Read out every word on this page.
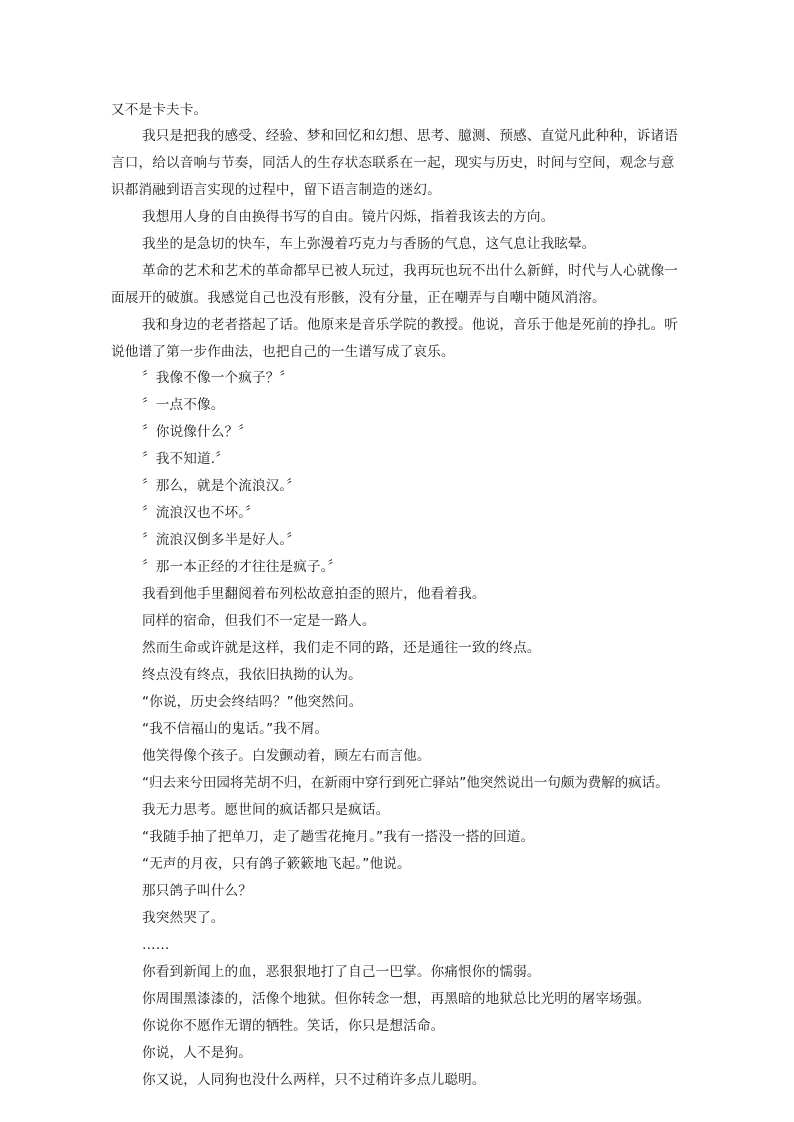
又不是卡夫卡。
我只是把我的感受、经验、梦和回忆和幻想、思考、臆测、预感、直觉凡此种种，诉诸语
言口，给以音响与节奏，同活人的生存状态联系在一起，现实与历史，时间与空间，观念与意
识都消融到语言实现的过程中，留下语言制造的迷幻。
我想用人身的自由换得书写的自由。镜片闪烁，指着我该去的方向。
我坐的是急切的快车，车上弥漫着巧克力与香肠的气息，这气息让我眩晕。
革命的艺术和艺术的革命都早已被人玩过，我再玩也玩不出什么新鲜，时代与人心就像一
面展开的破旗。我感觉自己也没有形骸，没有分量，正在嘲弄与自嘲中随风消溶。
我和身边的老者搭起了话。他原来是音乐学院的教授。他说，音乐于他是死前的挣扎。听
说他谱了第一步作曲法，也把自己的一生谱写成了哀乐。
〞我像不像一个疯子？〞
〞一点不像。
〞你说像什么？〞
〞我不知道.〞
〞那么，就是个流浪汉。〞
〞流浪汉也不坏。〞
〞流浪汉倒多半是好人。〞
〞那一本正经的才往往是疯子。〞
我看到他手里翻阅着布列松故意拍歪的照片，他看着我。
同样的宿命，但我们不一定是一路人。
然而生命或许就是这样，我们走不同的路，还是通往一致的终点。
终点没有终点，我依旧执拗的认为。
“你说，历史会终结吗？”他突然问。
“我不信福山的鬼话。”我不屑。
他笑得像个孩子。白发颤动着，顾左右而言他。
“归去来兮田园将芜胡不归，在新雨中穿行到死亡驿站”他突然说出一句颇为费解的疯话。
我无力思考。愿世间的疯话都只是疯话。
“我随手抽了把单刀，走了趟雪花掩月。”我有一搭没一搭的回道。
“无声的月夜，只有鸽子簌簌地飞起。”他说。
那只鸽子叫什么？
我突然哭了。
……
你看到新闻上的血，恶狠狠地打了自己一巴掌。你痛恨你的懦弱。
你周围黑漆漆的，活像个地狱。但你转念一想，再黑暗的地狱总比光明的屠宰场强。
你说你不愿作无谓的牺牲。笑话，你只是想活命。
你说，人不是狗。
你又说，人同狗也没什么两样，只不过稍许多点儿聪明。
